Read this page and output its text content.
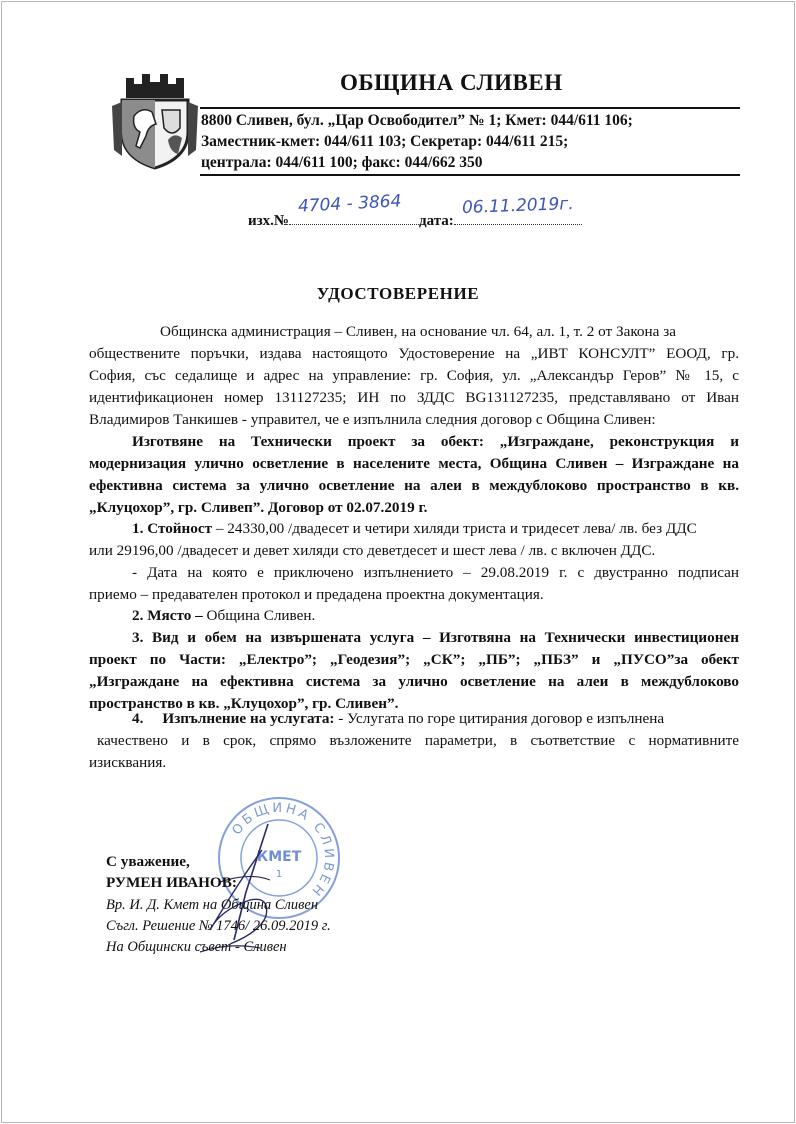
ОБЩИНА СЛИВЕН
8800 Сливен, бул. „Цар Освободител” № 1; Кмет: 044/611 106;
Заместник-кмет: 044/611 103; Секретар: 044/611 215;
централа: 044/611 100; факс: 044/662 350
изх.№	дата:
4704 - 3864	06.11.2019г.
УДОСТОВЕРЕНИЕ
Общинска администрация – Сливен, на основание чл. 64, ал. 1, т. 2 от Закона за
обществените поръчки, издава настоящото Удостоверение на „ИВТ КОНСУЛТ” ЕООД, гр.
София, със седалище и адрес на управление: гр. София, ул. „Александър Геров” № 15, с
идентификационен номер 131127235; ИН по ЗДДС BG131127235, представлявано от Иван
Владимиров Танкишев - управител, че е изпълнила следния договор с Община Сливен:
Изготвяне на Технически проект за обект: „Изграждане, реконструкция и
модернизация улично осветление в населените места, Община Сливен – Изграждане на
ефективна система за улично осветление на алеи в междублоково пространство в кв.
„Клуцохор”, гр. Сливеп”. Договор от 02.07.2019 г.
1. Стойност – 24330,00 /двадесет и четири хиляди триста и тридесет лева/ лв. без ДДС
или 29196,00 /двадесет и девет хиляди сто деветдесет и шест лева / лв. с включен ДДС.
- Дата на която е приключено изпълнението – 29.08.2019 г. с двустранно подписан
приемо – предавателен протокол и предадена проектна документация.
2. Място – Община Сливен.
3. Вид и обем на извършената услуга – Изготвяна на Технически инвестиционен
проект по Части: „Електро”; „Геодезия”; „СК”; „ПБ”; „ПБЗ” и „ПУСО”за обект
„Изграждане на ефективна система за улично осветление на алеи в междублоково
пространство в кв. „Клуцохор”, гр. Сливен”.
4.     Изпълнение на услугата: - Услугата по горе цитирания договор е изпълнена
качествено и в срок, спрямо възложените параметри, в съответствие с нормативните
изисквания.
ОБЩИНА СЛИВЕН
КМЕТ
1
С уважение,
РУМЕН ИВАНОВ:
Вр. И. Д. Кмет на Община Сливен
Съгл. Решение № 1746/ 26.09.2019 г.
На Общински съвет - Сливен
